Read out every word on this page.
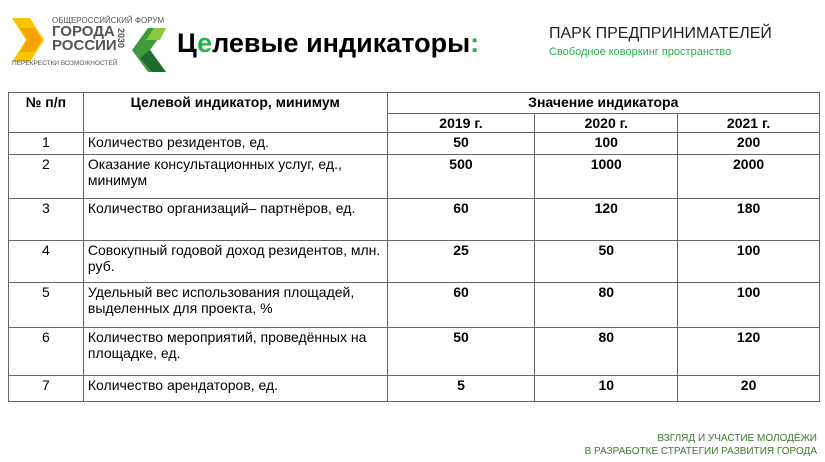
ОБЩЕРОССИЙСКИЙ ФОРУМ
ГОРОДА РОССИИ 2030
ПЕРЕКРЕСТКИ ВОЗМОЖНОСТЕЙ
Целевые индикаторы:	ПАРК ПРЕДПРИНИМАТЕЛЕЙ
Свободное коворкинг пространство
№ п/п	Целевой индикатор, минимум	Значение индикатора		
		2019 г.	2020 г.	2021 г.
1	Количество резидентов, ед.	50	100	200
2	Оказание консультационных услуг, ед., минимум	500	1000	2000
3	Количество организаций– партнёров, ед.	60	120	180
4	Совокупный годовой доход резидентов, млн. руб.	25	50	100
5	Удельный вес использования площадей, выделенных для проекта, %	60	80	100
6	Количество мероприятий, проведённых на площадке, ед.	50	80	120
7	Количество арендаторов, ед.	5	10	20
ВЗГЛЯД И УЧАСТИЕ МОЛОДЁЖИ
В РАЗРАБОТКЕ СТРАТЕГИИ РАЗВИТИЯ ГОРОДА
